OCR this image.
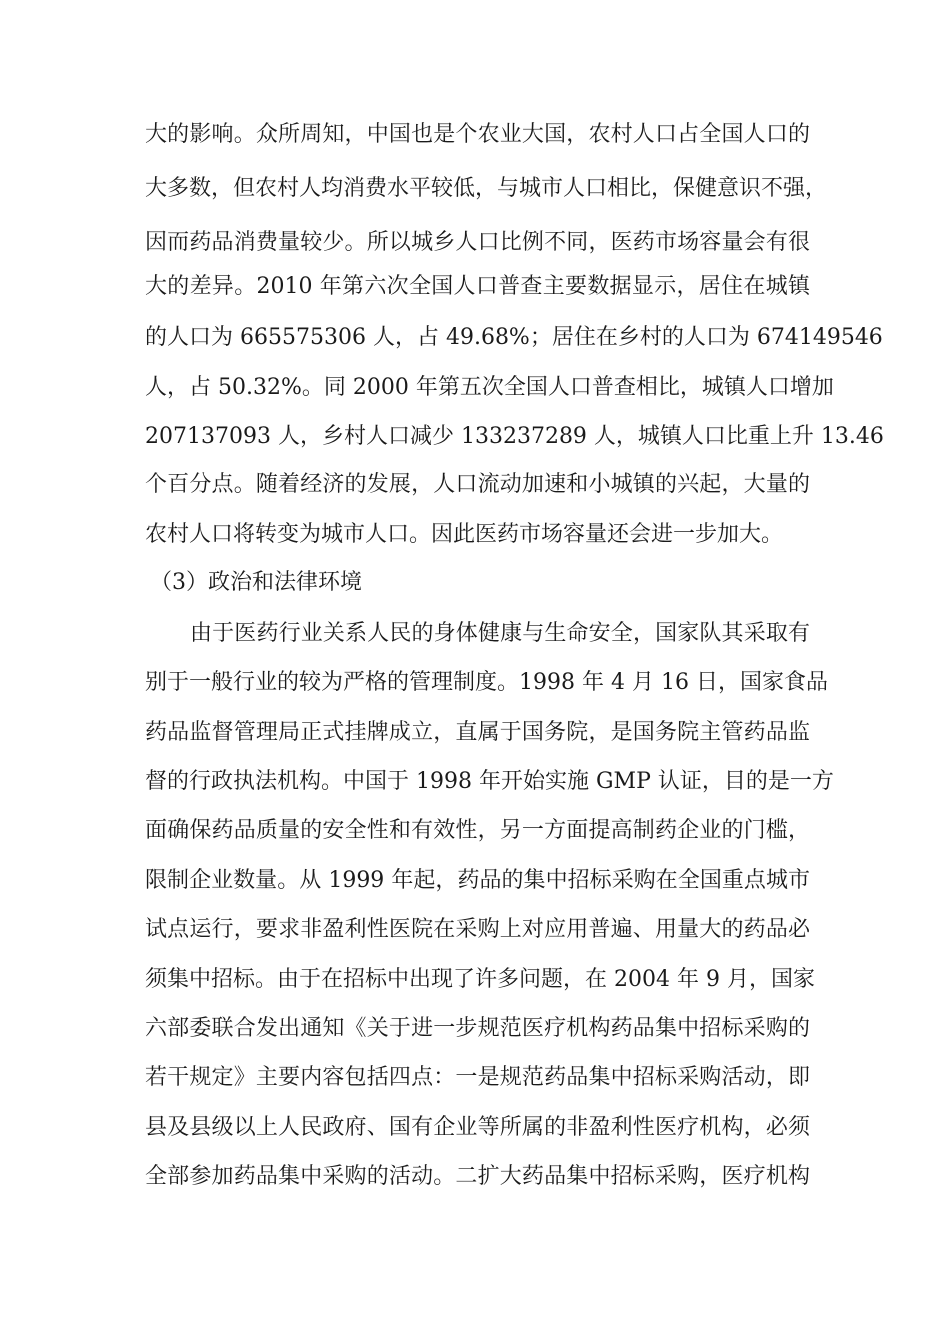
大的影响。众所周知，中国也是个农业大国，农村人口占全国人口的
大多数，但农村人均消费水平较低，与城市人口相比，保健意识不强，
因而药品消费量较少。所以城乡人口比例不同，医药市场容量会有很
大的差异。2010 年第六次全国人口普查主要数据显示，居住在城镇
的人口为 665575306 人，占 49.68%；居住在乡村的人口为 674149546
人，占 50.32%。同 2000 年第五次全国人口普查相比，城镇人口增加
207137093 人，乡村人口减少 133237289 人，城镇人口比重上升 13.46
个百分点。随着经济的发展，人口流动加速和小城镇的兴起，大量的
农村人口将转变为城市人口。因此医药市场容量还会进一步加大。
（3）政治和法律环境
由于医药行业关系人民的身体健康与生命安全，国家队其采取有
别于一般行业的较为严格的管理制度。1998 年 4 月 16 日，国家食品
药品监督管理局正式挂牌成立，直属于国务院，是国务院主管药品监
督的行政执法机构。中国于 1998 年开始实施 GMP 认证，目的是一方
面确保药品质量的安全性和有效性，另一方面提高制药企业的门槛，
限制企业数量。从 1999 年起，药品的集中招标采购在全国重点城市
试点运行，要求非盈利性医院在采购上对应用普遍、用量大的药品必
须集中招标。由于在招标中出现了许多问题，在 2004 年 9 月，国家
六部委联合发出通知《关于进一步规范医疗机构药品集中招标采购的
若干规定》主要内容包括四点：一是规范药品集中招标采购活动，即
县及县级以上人民政府、国有企业等所属的非盈利性医疗机构，必须
全部参加药品集中采购的活动。二扩大药品集中招标采购，医疗机构
